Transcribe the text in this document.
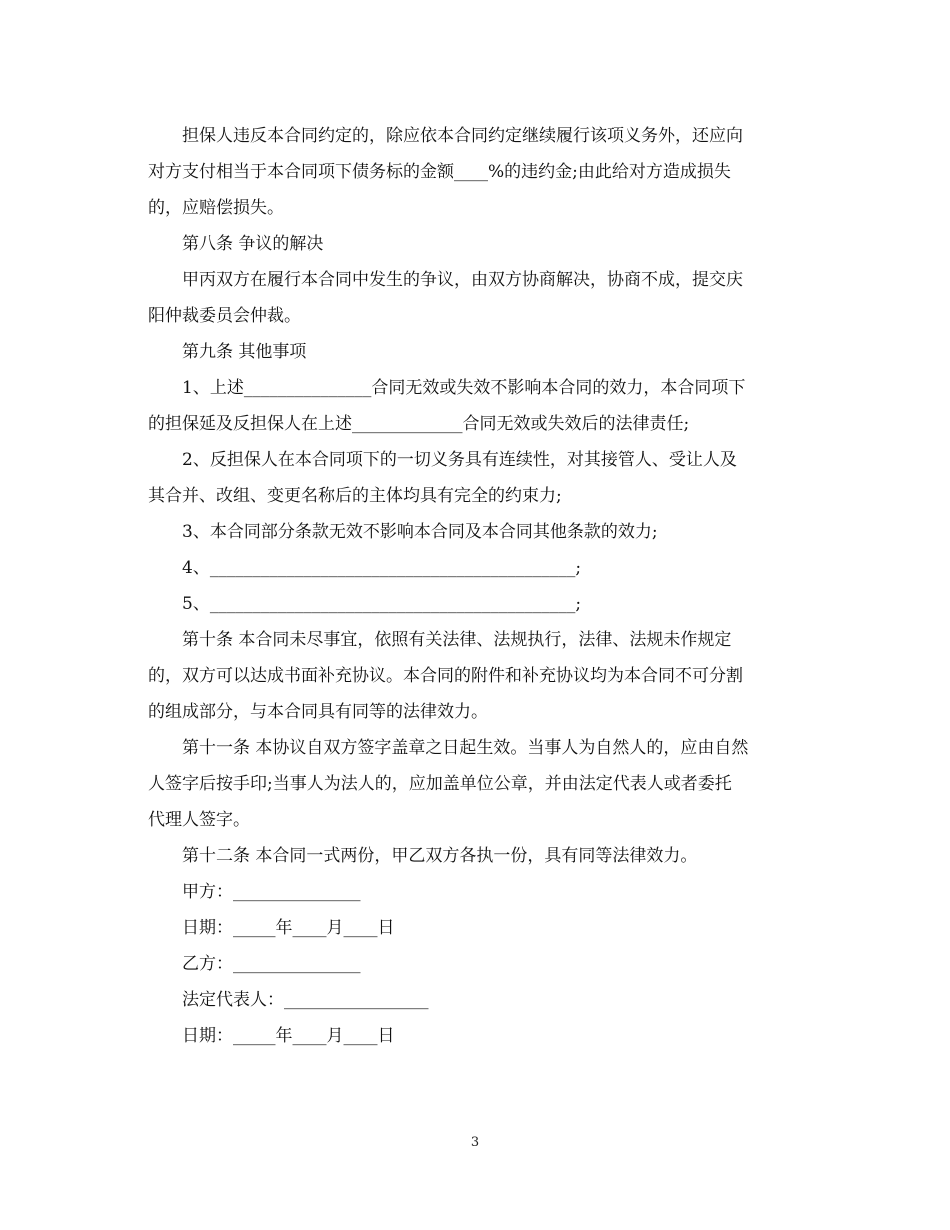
担保人违反本合同约定的，除应依本合同约定继续履行该项义务外，还应向
对方支付相当于本合同项下债务标的金额____%的违约金;由此给对方造成损失
的，应赔偿损失。

第八条 争议的解决

甲丙双方在履行本合同中发生的争议，由双方协商解决，协商不成，提交庆
阳仲裁委员会仲裁。

第九条 其他事项

1、上述_______________合同无效或失效不影响本合同的效力，本合同项下
的担保延及反担保人在上述_____________合同无效或失效后的法律责任;

2、反担保人在本合同项下的一切义务具有连续性，对其接管人、受让人及
其合并、改组、变更名称后的主体均具有完全的约束力;

3、本合同部分条款无效不影响本合同及本合同其他条款的效力;

4、___________________________________________;

5、___________________________________________;

第十条 本合同未尽事宜，依照有关法律、法规执行，法律、法规未作规定
的，双方可以达成书面补充协议。本合同的附件和补充协议均为本合同不可分割
的组成部分，与本合同具有同等的法律效力。

第十一条 本协议自双方签字盖章之日起生效。当事人为自然人的，应由自然
人签字后按手印;当事人为法人的，应加盖单位公章，并由法定代表人或者委托
代理人签字。

第十二条 本合同一式两份，甲乙双方各执一份，具有同等法律效力。

甲方：_______________

日期：_____年____月____日

乙方：_______________

法定代表人：_________________

日期：_____年____月____日

3
